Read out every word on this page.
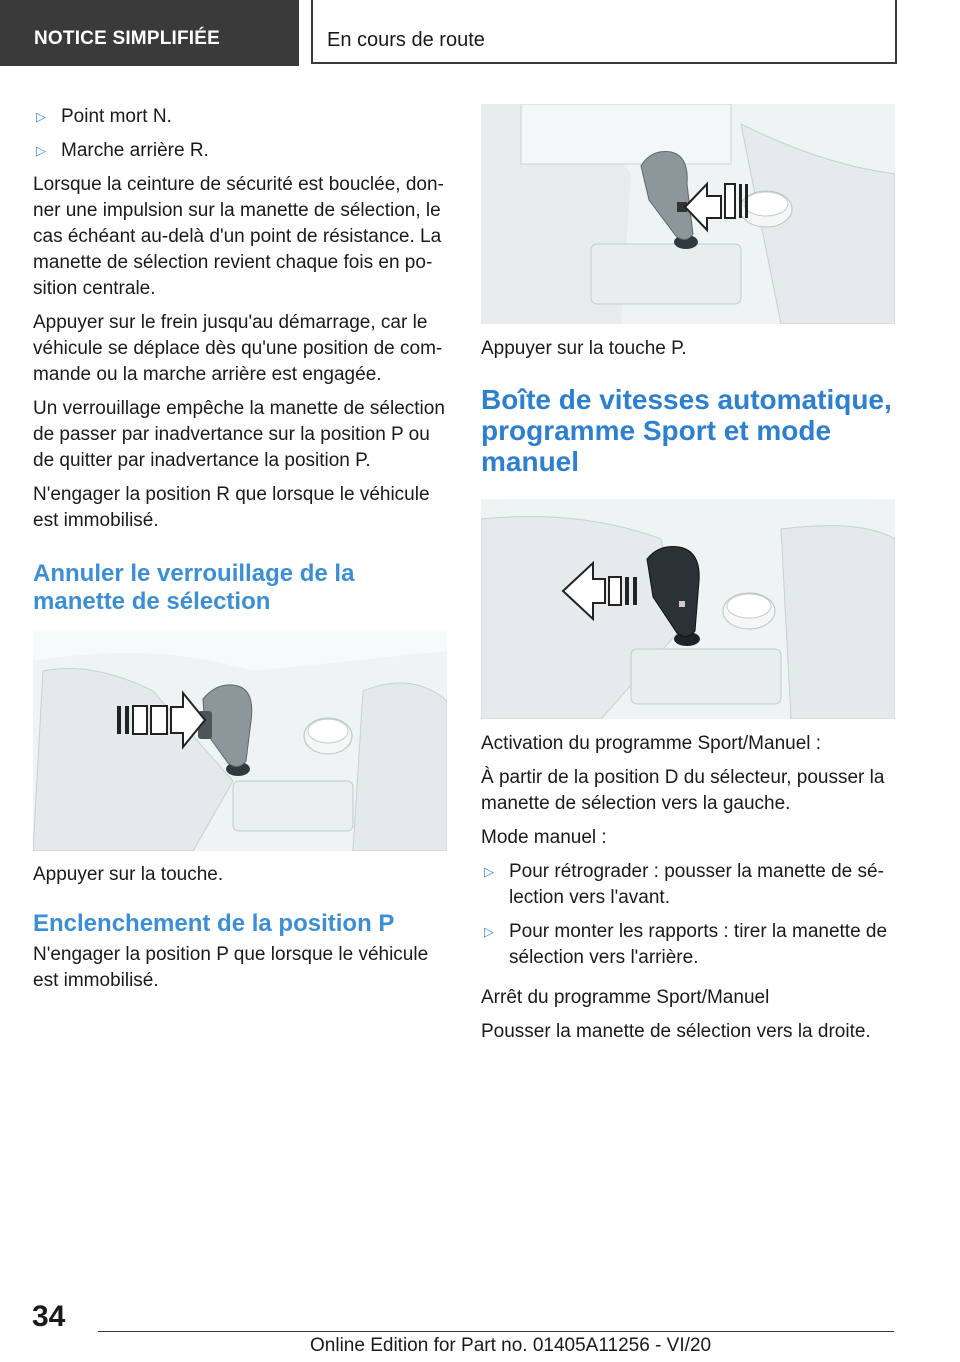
NOTICE SIMPLIFIÉE	En cours de route
▷ Point mort N.
▷ Marche arrière R.

Lorsque la ceinture de sécurité est bouclée, donner une impulsion sur la manette de sélection, le cas échéant au-delà d'un point de résistance. La manette de sélection revient chaque fois en position centrale.

Appuyer sur le frein jusqu'au démarrage, car le véhicule se déplace dès qu'une position de commande ou la marche arrière est engagée.

Un verrouillage empêche la manette de sélection de passer par inadvertance sur la position P ou de quitter par inadvertance la position P.

N'engager la position R que lorsque le véhicule est immobilisé.

Annuler le verrouillage de la manette de sélection

Appuyer sur la touche.

Enclenchement de la position P

N'engager la position P que lorsque le véhicule est immobilisé.

Appuyer sur la touche P.

Boîte de vitesses automatique, programme Sport et mode manuel

Activation du programme Sport/Manuel :

À partir de la position D du sélecteur, pousser la manette de sélection vers la gauche.

Mode manuel :

▷ Pour rétrograder : pousser la manette de sélection vers l'avant.
▷ Pour monter les rapports : tirer la manette de sélection vers l'arrière.

Arrêt du programme Sport/Manuel

Pousser la manette de sélection vers la droite.

34
Online Edition for Part no. 01405A11256 - VI/20
